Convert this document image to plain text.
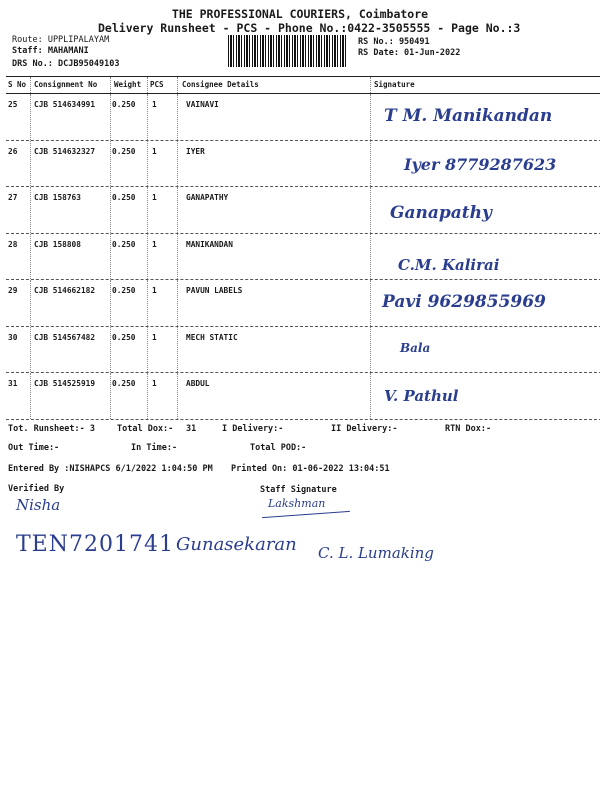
THE PROFESSIONAL COURIERS, Coimbatore
Delivery Runsheet - PCS - Phone No.:0422-3505555 - Page No.:3
Route: UPPLIPALAYAM
Staff: MAHAMANI
DRS No.: DCJB95049103
RS No.: 950491
RS Date: 01-Jun-2022
S No Consignment No Weight PCS Consignee Details	Signature
25 CJB 514634991 0.250 1	VAINAVI
T M. Manikandan
26 CJB 514632327 0.250 1	IYER
Iyer 8779287623
27 CJB 158763	0.250 1	GANAPATHY
Ganapathy
28 CJB 158808	0.250 1	MANIKANDAN
C.M. Kalirai
29 CJB 514662182 0.250 1	PAVUN LABELS
Pavi 9629855969
30 CJB 514567482 0.250 1	MECH STATIC
Bala
31 CJB 514525919 0.250 1	ABDUL
V. Pathul
Tot. Runsheet:- 3	Total Dox:- 31	I Delivery:-	II Delivery:-	RTN Dox:-
Out Time:-	In Time:-	Total POD:-
Entered By :NISHAPCS 6/1/2022 1:04:50 PM Printed On: 01-06-2022 13:04:51
Verified By	Staff Signature
Nisha	Lakshman
TEN7201741 Gunasekaran C. L. Lumaking
